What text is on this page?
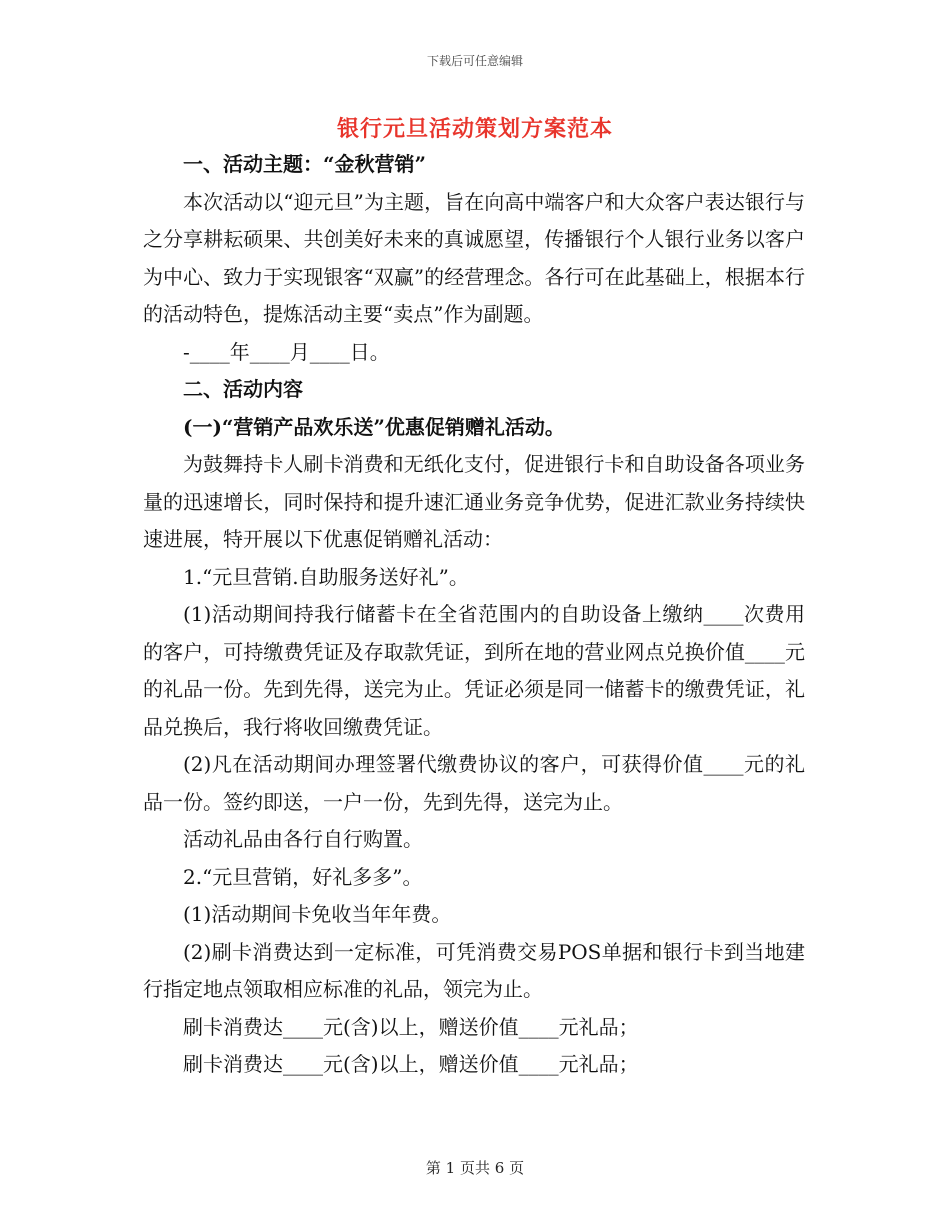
下载后可任意编辑
银行元旦活动策划方案范本
一、活动主题：“金秋营销”
本次活动以“迎元旦”为主题，旨在向高中端客户和大众客户表达银行与之分享耕耘硕果、共创美好未来的真诚愿望，传播银行个人银行业务以客户为中心、致力于实现银客“双赢”的经营理念。各行可在此基础上，根据本行的活动特色，提炼活动主要“卖点”作为副题。
-____年____月____日。
二、活动内容
(一)“营销产品欢乐送”优惠促销赠礼活动。
为鼓舞持卡人刷卡消费和无纸化支付，促进银行卡和自助设备各项业务量的迅速增长，同时保持和提升速汇通业务竞争优势，促进汇款业务持续快速进展，特开展以下优惠促销赠礼活动：
1.“元旦营销.自助服务送好礼”。
(1)活动期间持我行储蓄卡在全省范围内的自助设备上缴纳____次费用的客户，可持缴费凭证及存取款凭证，到所在地的营业网点兑换价值____元的礼品一份。先到先得，送完为止。凭证必须是同一储蓄卡的缴费凭证，礼品兑换后，我行将收回缴费凭证。
(2)凡在活动期间办理签署代缴费协议的客户，可获得价值____元的礼品一份。签约即送，一户一份，先到先得，送完为止。
活动礼品由各行自行购置。
2.“元旦营销，好礼多多”。
(1)活动期间卡免收当年年费。
(2)刷卡消费达到一定标准，可凭消费交易POS单据和银行卡到当地建行指定地点领取相应标准的礼品，领完为止。
刷卡消费达____元(含)以上，赠送价值____元礼品；
刷卡消费达____元(含)以上，赠送价值____元礼品；
第 1 页共 6 页
